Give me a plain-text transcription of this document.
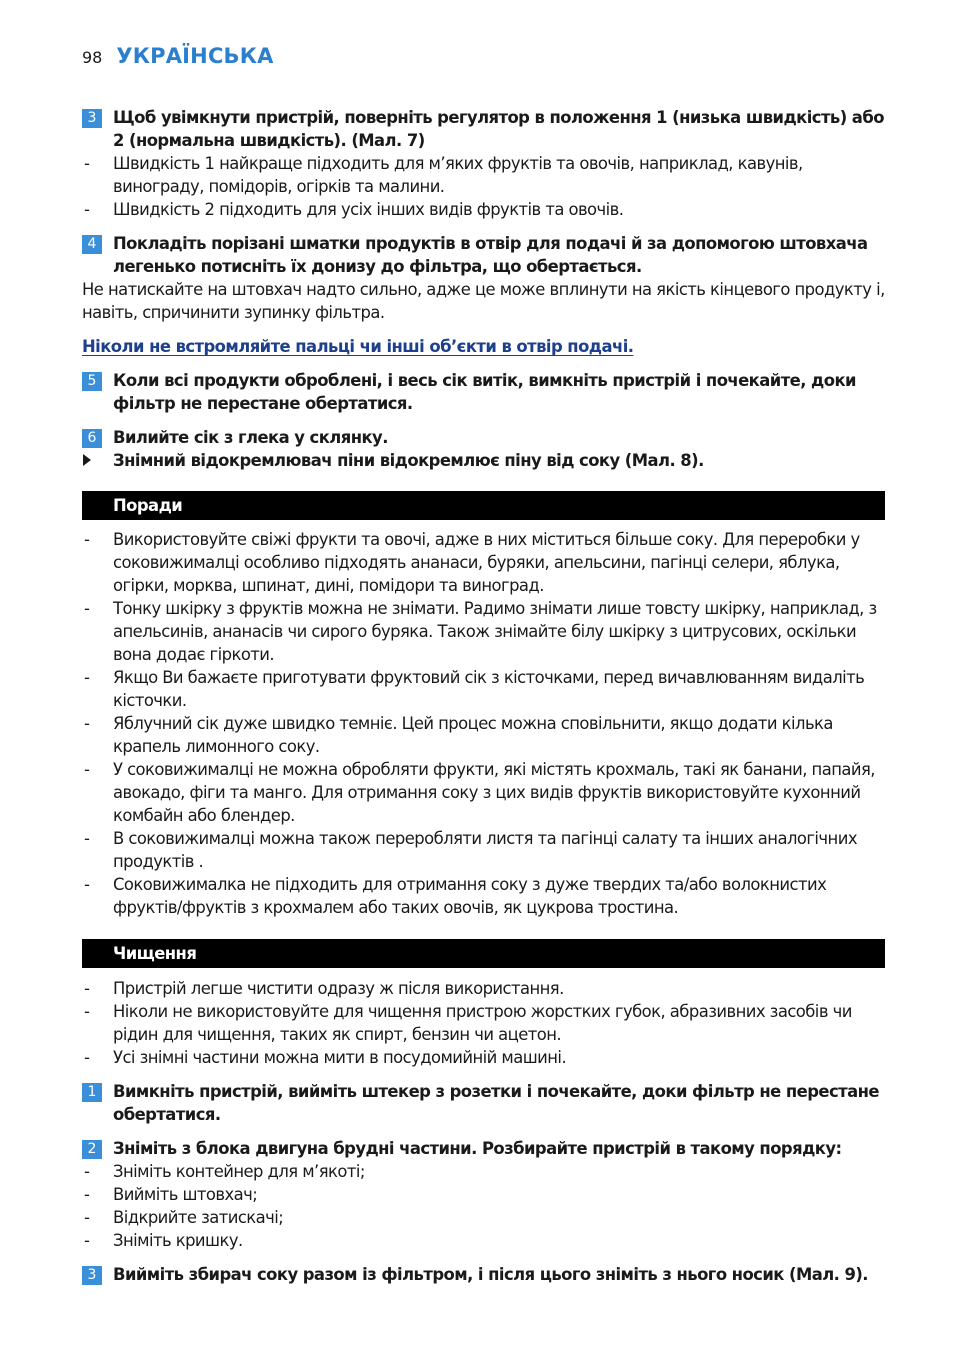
98 УКРАЇНСЬКА
3	Щоб увімкнути пристрій, поверніть регулятор в положення 1 (низька швидкість) або 2 (нормальна швидкість). (Мал. 7)
- Швидкість 1 найкраще підходить для м’яких фруктів та овочів, наприклад, кавунів, винограду, помідорів, огірків та малини.
- Швидкість 2 підходить для усіх інших видів фруктів та овочів.
4	Покладіть порізані шматки продуктів в отвір для подачі й за допомогою штовхача легенько потисніть їх донизу до фільтра, що обертається.
Не натискайте на штовхач надто сильно, адже це може вплинути на якість кінцевого продукту і, навіть, спричинити зупинку фільтра.
Ніколи не встромляйте пальці чи інші об’єкти в отвір подачі.
5	Коли всі продукти оброблені, і весь сік витік, вимкніть пристрій і почекайте, доки фільтр не перестане обертатися.
6	Вилийте сік з глека у склянку.
Знімний відокремлювач піни відокремлює піну від соку (Мал. 8).
Поради
- Використовуйте свіжі фрукти та овочі, адже в них міститься більше соку. Для переробки у соковижималці особливо підходять ананаси, буряки, апельсини, пагінці селери, яблука, огірки, морква, шпинат, дині, помідори та виноград.
- Тонку шкірку з фруктів можна не знімати. Радимо знімати лише товсту шкірку, наприклад, з апельсинів, ананасів чи сирого буряка. Також знімайте білу шкірку з цитрусових, оскільки вона додає гіркоти.
- Якщо Ви бажаєте приготувати фруктовий сік з кісточками, перед вичавлюванням видаліть кісточки.
- Яблучний сік дуже швидко темніє. Цей процес можна сповільнити, якщо додати кілька крапель лимонного соку.
- У соковижималці не можна обробляти фрукти, які містять крохмаль, такі як банани, папайя, авокадо, фіги та манго. Для отримання соку з цих видів фруктів використовуйте кухонний комбайн або блендер.
- В соковижималці можна також переробляти листя та пагінці салату та інших аналогічних продуктів .
- Соковижималка не підходить для отримання соку з дуже твердих та/або волокнистих фруктів/фруктів з крохмалем або таких овочів, як цукрова тростина.
Чищення
- Пристрій легше чистити одразу ж після використання.
- Ніколи не використовуйте для чищення пристрою жорстких губок, абразивних засобів чи рідин для чищення, таких як спирт, бензин чи ацетон.
- Усі знімні частини можна мити в посудомийній машині.
1	Вимкніть пристрій, вийміть штекер з розетки і почекайте, доки фільтр не перестане обертатися.
2	Зніміть з блока двигуна брудні частини. Розбирайте пристрій в такому порядку:
- Зніміть контейнер для м’якоті;
- Вийміть штовхач;
- Відкрийте затискачі;
- Зніміть кришку.
3	Вийміть збирач соку разом із фільтром, і після цього зніміть з нього носик (Мал. 9).
